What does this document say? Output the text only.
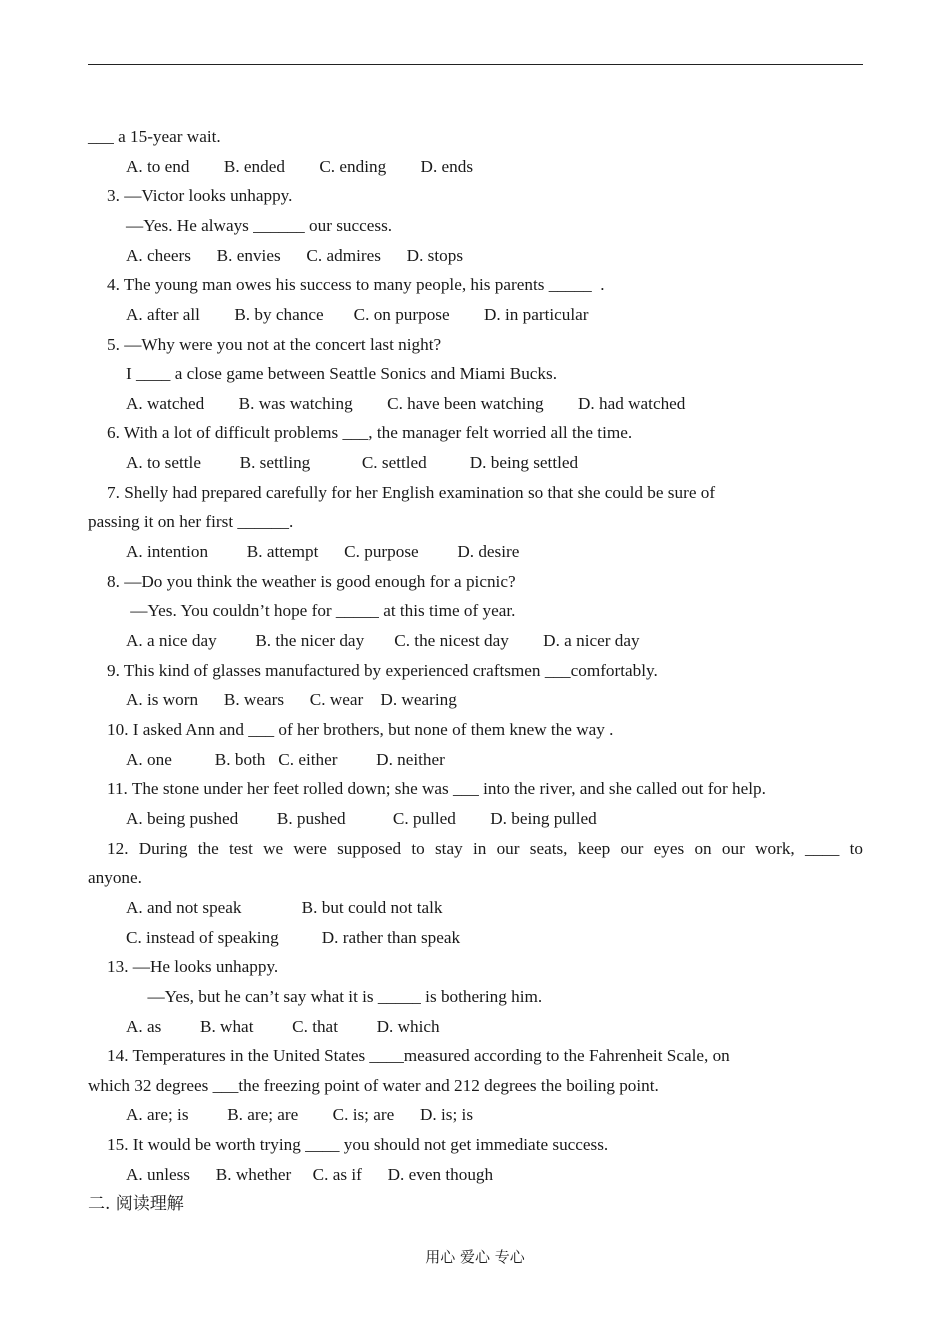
___ a 15-year wait.
A. to end        B. ended        C. ending        D. ends
3. —Victor looks unhappy.
—Yes. He always ______ our success.
A. cheers      B. envies      C. admires      D. stops
4. The young man owes his success to many people, his parents _____  .
A. after all        B. by chance       C. on purpose        D. in particular
5. —Why were you not at the concert last night?
I ____ a close game between Seattle Sonics and Miami Bucks.
A. watched        B. was watching        C. have been watching        D. had watched
6. With a lot of difficult problems ___, the manager felt worried all the time.
A. to settle         B. settling            C. settled          D. being settled
7. Shelly had prepared carefully for her English examination so that she could be sure of
passing it on her first ______.
A. intention         B. attempt      C. purpose         D. desire
8. —Do you think the weather is good enough for a picnic?
—Yes. You couldn’t hope for _____ at this time of year.
A. a nice day         B. the nicer day       C. the nicest day        D. a nicer day
9. This kind of glasses manufactured by experienced craftsmen ___comfortably.
A. is worn      B. wears      C. wear    D. wearing
10. I asked Ann and ___ of her brothers, but none of them knew the way .
A. one          B. both   C. either         D. neither
11. The stone under her feet rolled down; she was ___ into the river, and she called out for help.
A. being pushed         B. pushed           C. pulled        D. being pulled
12. During the test we were supposed to stay in our seats, keep our eyes on our work, ____ to
anyone.
A. and not speak              B. but could not talk
C. instead of speaking          D. rather than speak
13. —He looks unhappy.
—Yes, but he can’t say what it is _____ is bothering him.
A. as         B. what         C. that         D. which
14. Temperatures in the United States ____measured according to the Fahrenheit Scale, on
which 32 degrees ___the freezing point of water and 212 degrees the boiling point.
A. are; is         B. are; are        C. is; are      D. is; is
15. It would be worth trying ____ you should not get immediate success.
A. unless      B. whether     C. as if      D. even though
二. 阅读理解
用心 爱心 专心
